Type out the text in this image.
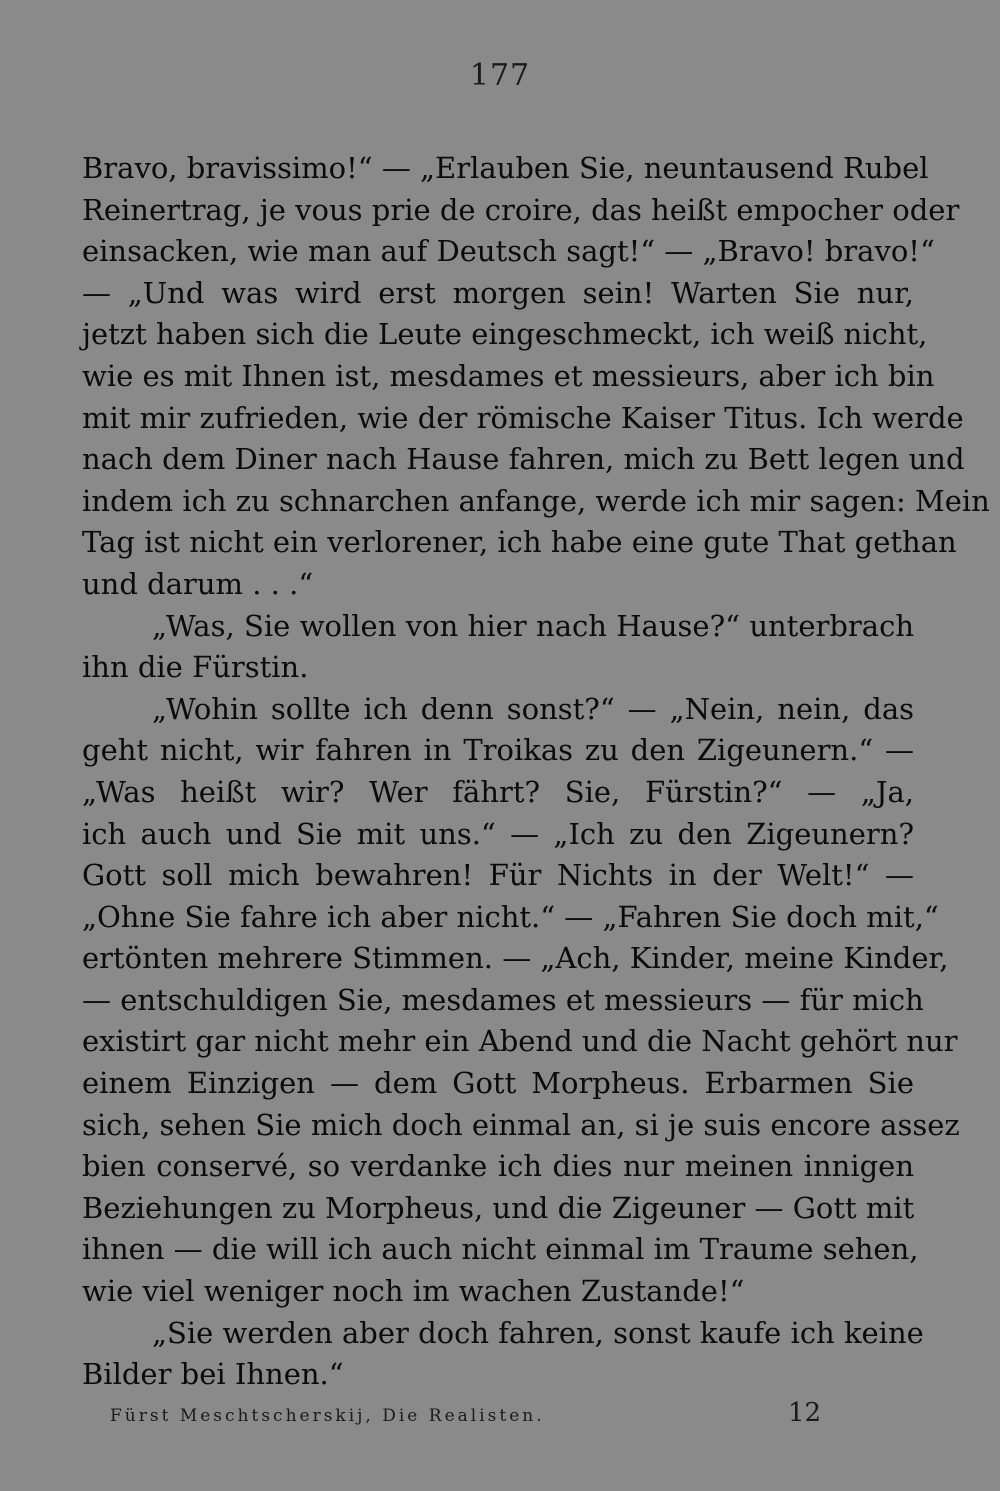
177
Bravo, bravissimo!“ — „Erlauben Sie, neuntausend Rubel
Reinertrag, je vous prie de croire, das heißt empocher oder
einsacken, wie man auf Deutsch sagt!“ — „Bravo! bravo!“
— „Und was wird erst morgen sein! Warten Sie nur,
jetzt haben sich die Leute eingeschmeckt, ich weiß nicht,
wie es mit Ihnen ist, mesdames et messieurs, aber ich bin
mit mir zufrieden, wie der römische Kaiser Titus. Ich werde
nach dem Diner nach Hause fahren, mich zu Bett legen und
indem ich zu schnarchen anfange, werde ich mir sagen: Mein
Tag ist nicht ein verlorener, ich habe eine gute That gethan
und darum . . .“
„Was, Sie wollen von hier nach Hause?“ unterbrach
ihn die Fürstin.
„Wohin sollte ich denn sonst?“ — „Nein, nein, das
geht nicht, wir fahren in Troikas zu den Zigeunern.“ —
„Was heißt wir? Wer fährt? Sie, Fürstin?“ — „Ja,
ich auch und Sie mit uns.“ — „Ich zu den Zigeunern?
Gott soll mich bewahren! Für Nichts in der Welt!“ —
„Ohne Sie fahre ich aber nicht.“ — „Fahren Sie doch mit,“
ertönten mehrere Stimmen. — „Ach, Kinder, meine Kinder,
— entschuldigen Sie, mesdames et messieurs — für mich
existirt gar nicht mehr ein Abend und die Nacht gehört nur
einem Einzigen — dem Gott Morpheus. Erbarmen Sie
sich, sehen Sie mich doch einmal an, si je suis encore assez
bien conservé, so verdanke ich dies nur meinen innigen
Beziehungen zu Morpheus, und die Zigeuner — Gott mit
ihnen — die will ich auch nicht einmal im Traume sehen,
wie viel weniger noch im wachen Zustande!“
„Sie werden aber doch fahren, sonst kaufe ich keine
Bilder bei Ihnen.“
Fürst Meschtscherskij, Die Realisten.	12
